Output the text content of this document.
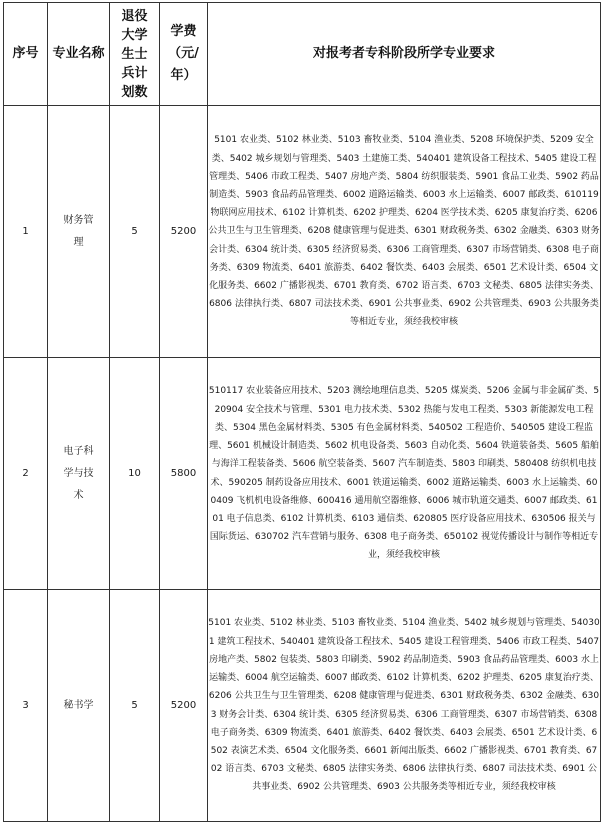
序号	专业名称	退役大学生士兵计划数	学费（元/年）	对报考者专科阶段所学专业要求

1	财务管理	5	5200	5101 农业类、5102 林业类、5103 畜牧业类、5104 渔业类、5208 环境保护类、5209 安全类、5402 城乡规划与管理类、5403 土建施工类、540401 建筑设备工程技术、5405 建设工程管理类、5406 市政工程类、5407 房地产类、5804 纺织服装类、5901 食品工业类、5902 药品制造类、5903 食品药品管理类、6002 道路运输类、6003 水上运输类、6007 邮政类、610119 物联网应用技术、6102 计算机类、6202 护理类、6204 医学技术类、6205 康复治疗类、6206 公共卫生与卫生管理类、6208 健康管理与促进类、6301 财政税务类、6302 金融类、6303 财务会计类、6304 统计类、6305 经济贸易类、6306 工商管理类、6307 市场营销类、6308 电子商务类、6309 物流类、6401 旅游类、6402 餐饮类、6403 会展类、6501 艺术设计类、6504 文化服务类、6602 广播影视类、6701 教育类、6702 语言类、6703 文秘类、6805 法律实务类、6806 法律执行类、6807 司法技术类、6901 公共事业类、6902 公共管理类、6903 公共服务类等相近专业，须经我校审核
2	电子科学与技术	10	5800	510117 农业装备应用技术、5203 测绘地理信息类、5205 煤炭类、5206 金属与非金属矿类、520904 安全技术与管理、5301 电力技术类、5302 热能与发电工程类、5303 新能源发电工程类、5304 黑色金属材料类、5305 有色金属材料类、540502 工程造价、540505 建设工程监理、5601 机械设计制造类、5602 机电设备类、5603 自动化类、5604 铁道装备类、5605 船舶与海洋工程装备类、5606 航空装备类、5607 汽车制造类、5803 印刷类、580408 纺织机电技术、590205 制药设备应用技术、6001 铁道运输类、6002 道路运输类、6003 水上运输类、600409 飞机机电设备维修、600416 通用航空器维修、6006 城市轨道交通类、6007 邮政类、6101 电子信息类、6102 计算机类、6103 通信类、620805 医疗设备应用技术、630506 报关与国际货运、630702 汽车营销与服务、6308 电子商务类、650102 视觉传播设计与制作等相近专业，须经我校审核
3	秘书学	5	5200	5101 农业类、5102 林业类、5103 畜牧业类、5104 渔业类、5402 城乡规划与管理类、540301 建筑工程技术、540401 建筑设备工程技术、5405 建设工程管理类、5406 市政工程类、5407 房地产类、5802 包装类、5803 印刷类、5902 药品制造类、5903 食品药品管理类、6003 水上运输类、6004 航空运输类、6007 邮政类、6102 计算机类、6202 护理类、6205 康复治疗类、6206 公共卫生与卫生管理类、6208 健康管理与促进类、6301 财政税务类、6302 金融类、6303 财务会计类、6304 统计类、6305 经济贸易类、6306 工商管理类、6307 市场营销类、6308 电子商务类、6309 物流类、6401 旅游类、6402 餐饮类、6403 会展类、6501 艺术设计类、6502 表演艺术类、6504 文化服务类、6601 新闻出版类、6602 广播影视类、6701 教育类、6702 语言类、6703 文秘类、6805 法律实务类、6806 法律执行类、6807 司法技术类、6901 公共事业类、6902 公共管理类、6903 公共服务类等相近专业，须经我校审核
